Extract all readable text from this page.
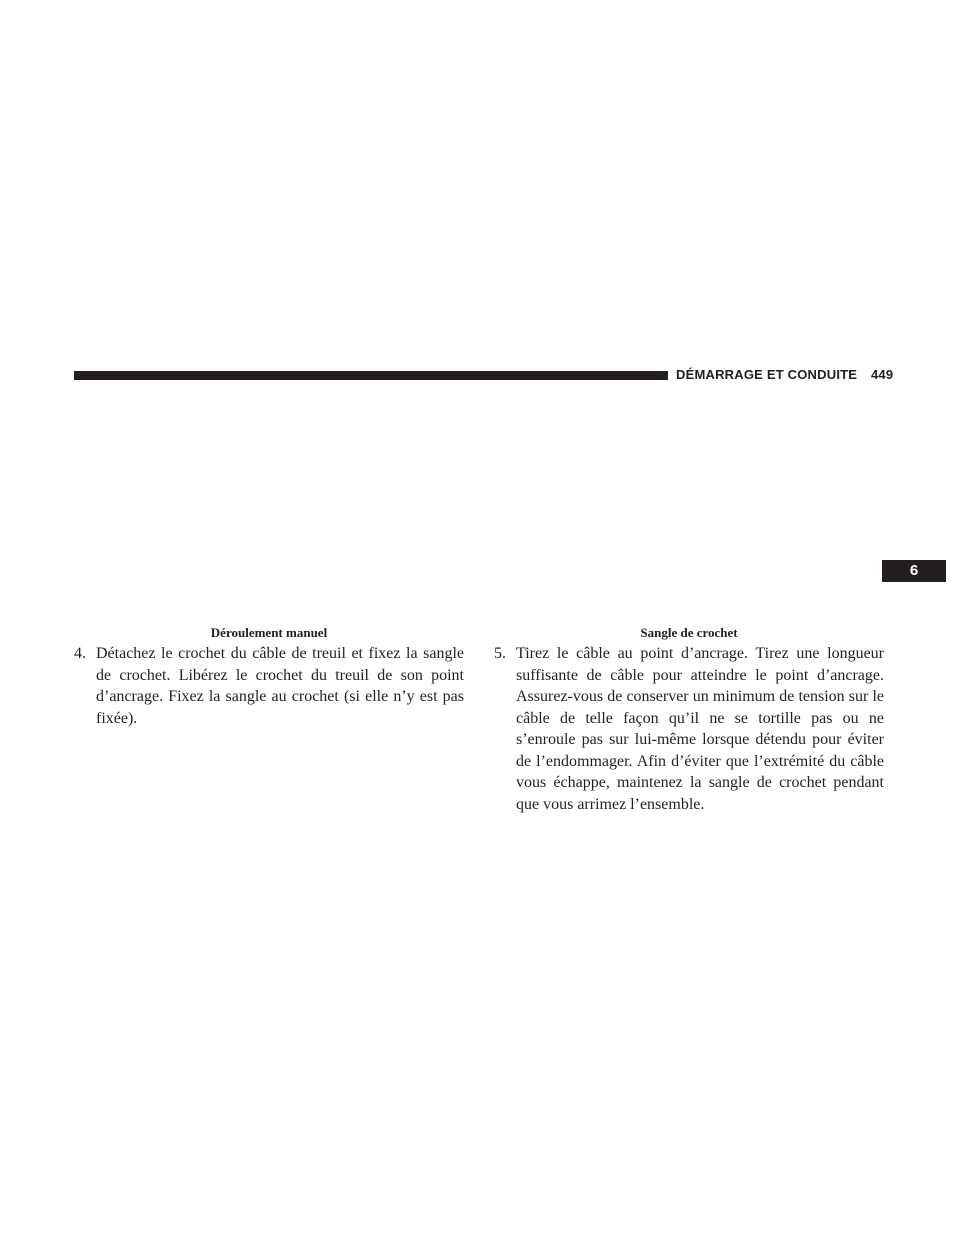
DÉMARRAGE ET CONDUITE 449
6
Déroulement manuel	Sangle de crochet
4. Détachez le crochet du câble de treuil et fixez la sangle de crochet. Libérez le crochet du treuil de son point d’ancrage. Fixez la sangle au crochet (si elle n’y est pas fixée).
5. Tirez le câble au point d’ancrage. Tirez une longueur suffisante de câble pour atteindre le point d’ancrage. Assurez-vous de conserver un minimum de tension sur le câble de telle façon qu’il ne se tortille pas ou ne s’enroule pas sur lui-même lorsque détendu pour éviter de l’endommager. Afin d’éviter que l’extrémité du câble vous échappe, maintenez la sangle de crochet pendant que vous arrimez l’ensemble.
